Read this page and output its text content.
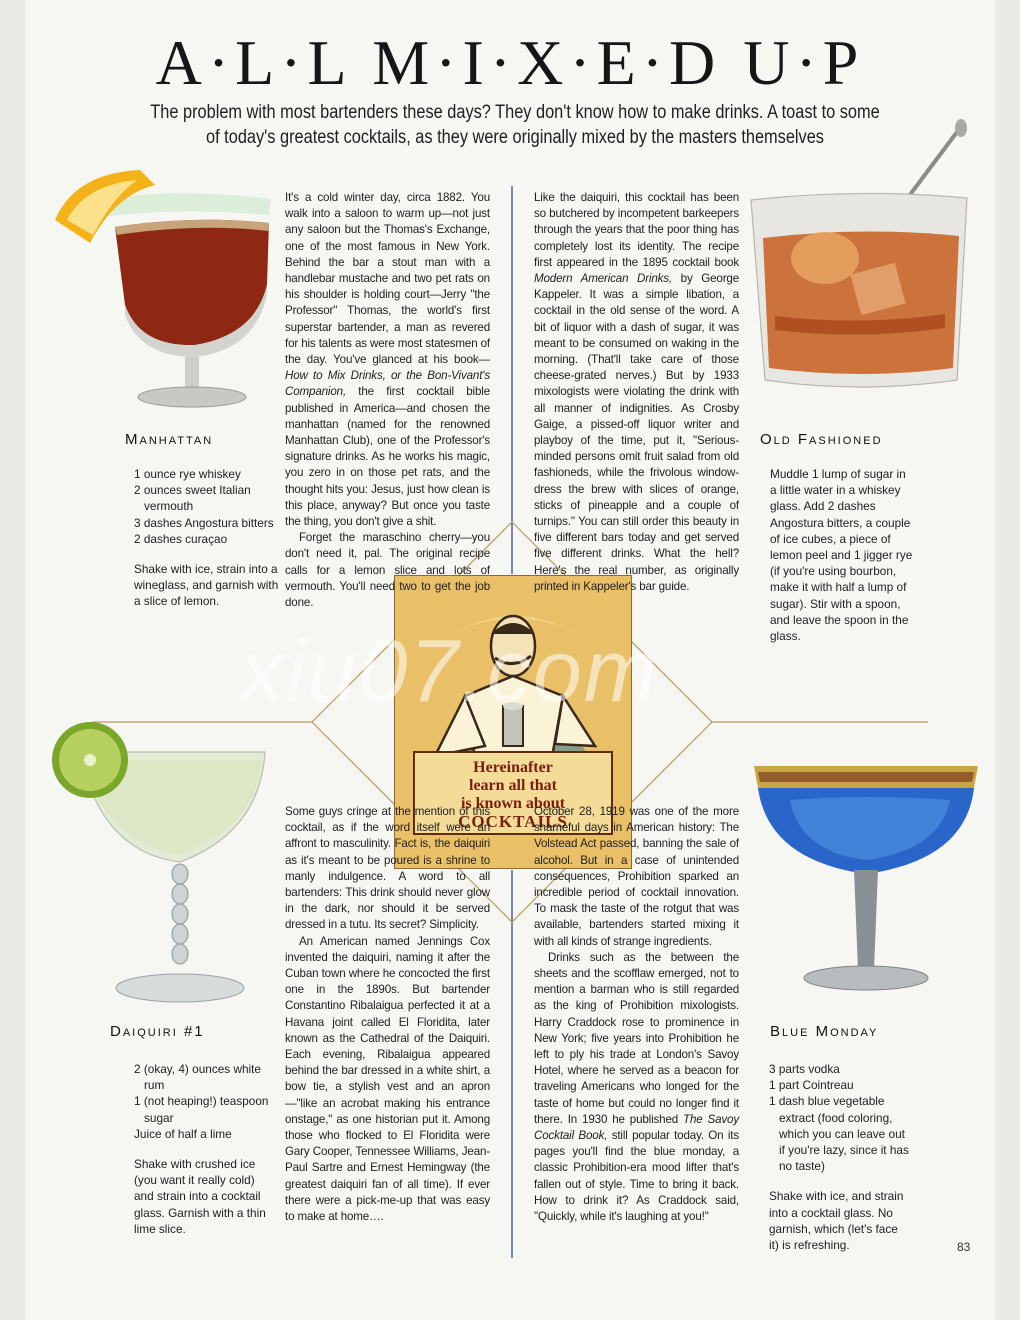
A·L·L M·I·X·E·D U·P
The problem with most bartenders these days? They don't know how to make drinks. A toast to some of today's greatest cocktails, as they were originally mixed by the masters themselves
Hereinafter
learn all that
is known about
COCKTAILS

It's a cold winter day, circa 1882. You walk into a saloon to warm up—not just any saloon but the Thomas's Exchange, one of the most famous in New York. Behind the bar a stout man with a handlebar mustache and two pet rats on his shoulder is holding court—Jerry "the Professor" Thomas, the world's first superstar bartender, a man as revered for his talents as were most statesmen of the day. You've glanced at his book—How to Mix Drinks, or the Bon-Vivant's Companion, the first cocktail bible published in America—and chosen the manhattan (named for the renowned Manhattan Club), one of the Professor's signature drinks. As he works his magic, you zero in on those pet rats, and the thought hits you: Jesus, just how clean is this place, anyway? But once you taste the thing, you don't give a shit.

Forget the maraschino cherry—you don't need it, pal. The original recipe calls for a lemon slice and lots of vermouth. You'll need two to get the job done.

Like the daiquiri, this cocktail has been so butchered by incompetent barkeepers through the years that the poor thing has completely lost its identity. The recipe first appeared in the 1895 cocktail book Modern American Drinks, by George Kappeler. It was a simple libation, a cocktail in the old sense of the word. A bit of liquor with a dash of sugar, it was meant to be consumed on waking in the morning. (That'll take care of those cheese-grated nerves.) But by 1933 mixologists were violating the drink with all manner of indignities. As Crosby Gaige, a pissed-off liquor writer and playboy of the time, put it, "Serious-minded persons omit fruit salad from old fashioneds, while the frivolous window-dress the brew with slices of orange, sticks of pineapple and a couple of turnips." You can still order this beauty in five different bars today and get served five different drinks. What the hell? Here's the real number, as originally printed in Kappeler's bar guide.

Some guys cringe at the mention of this cocktail, as if the word itself were an affront to masculinity. Fact is, the daiquiri as it's meant to be poured is a shrine to manly indulgence. A word to all bartenders: This drink should never glow in the dark, nor should it be served dressed in a tutu. Its secret? Simplicity.

An American named Jennings Cox invented the daiquiri, naming it after the Cuban town where he concocted the first one in the 1890s. But bartender Constantino Ribalaigua perfected it at a Havana joint called El Floridita, later known as the Cathedral of the Daiquiri. Each evening, Ribalaigua appeared behind the bar dressed in a white shirt, a bow tie, a stylish vest and an apron—"like an acrobat making his entrance onstage," as one historian put it. Among those who flocked to El Floridita were Gary Cooper, Tennessee Williams, Jean-Paul Sartre and Ernest Hemingway (the greatest daiquiri fan of all time). If ever there were a pick-me-up that was easy to make at home….

October 28, 1919 was one of the more shameful days in American history: The Volstead Act passed, banning the sale of alcohol. But in a case of unintended consequences, Prohibition sparked an incredible period of cocktail innovation. To mask the taste of the rotgut that was available, bartenders started mixing it with all kinds of strange ingredients.

Drinks such as the between the sheets and the scofflaw emerged, not to mention a barman who is still regarded as the king of Prohibition mixologists. Harry Craddock rose to prominence in New York; five years into Prohibition he left to ply his trade at London's Savoy Hotel, where he served as a beacon for traveling Americans who longed for the taste of home but could no longer find it there. In 1930 he published The Savoy Cocktail Book, still popular today. On its pages you'll find the blue monday, a classic Prohibition-era mood lifter that's fallen out of style. Time to bring it back. How to drink it? As Craddock said, "Quickly, while it's laughing at you!"

Manhattan
1 ounce rye whiskey
2 ounces sweet Italian vermouth
3 dashes Angostura bitters
2 dashes curaçao

Shake with ice, strain into a wineglass, and garnish with a slice of lemon.

Old Fashioned

Muddle 1 lump of sugar in a little water in a whiskey glass. Add 2 dashes Angostura bitters, a couple of ice cubes, a piece of lemon peel and 1 jigger rye (if you're using bourbon, make it with half a lump of sugar). Stir with a spoon, and leave the spoon in the glass.

Daiquiri #1
2 (okay, 4) ounces white rum
1 (not heaping!) teaspoon sugar
Juice of half a lime

Shake with crushed ice (you want it really cold) and strain into a cocktail glass. Garnish with a thin lime slice.

Blue Monday
3 parts vodka
1 part Cointreau
1 dash blue vegetable extract (food coloring, which you can leave out if you're lazy, since it has no taste)

Shake with ice, and strain into a cocktail glass. No garnish, which (let's face it) is refreshing.

xiu07.com
83
